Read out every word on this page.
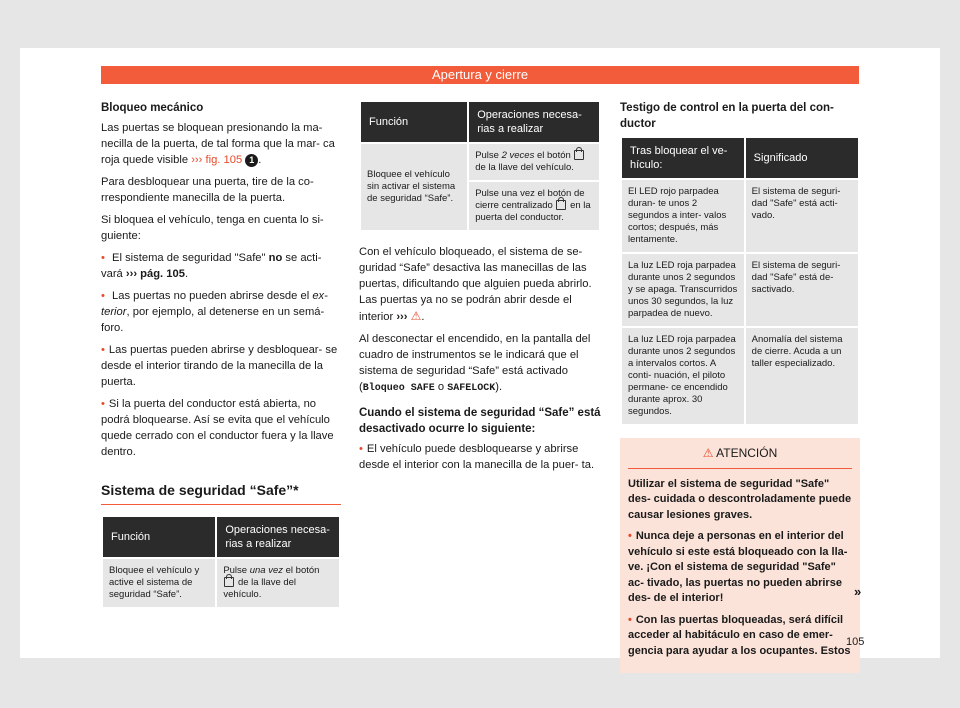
Apertura y cierre
Bloqueo mecánico

Las puertas se bloquean presionando la ma- necilla de la puerta, de tal forma que la mar- ca roja quede visible ››› fig. 105 1 .

Para desbloquear una puerta, tire de la co- rrespondiente manecilla de la puerta.

Si bloquea el vehículo, tenga en cuenta lo si- guiente:

• El sistema de seguridad "Safe" no se acti- vará ››› pág. 105.

• Las puertas no pueden abrirse desde el ex- terior, por ejemplo, al detenerse en un semá- foro.

• Las puertas pueden abrirse y desbloquear- se desde el interior tirando de la manecilla de la puerta.

• Si la puerta del conductor está abierta, no podrá bloquearse. Así se evita que el vehículo quede cerrado con el conductor fuera y la llave dentro.

Sistema de seguridad “Safe”*
Función	Operaciones necesa- rias a realizar
Bloquee el vehículo y active el sistema de seguridad “Safe”.	Pulse una vez el botón  de la llave del vehículo.
Función	Operaciones necesa- rias a realizar
Bloquee el vehículo sin activar el sistema de seguridad “Safe”.	Pulse 2 veces el botón  de la llave del vehículo.
	Pulse una vez el botón de cierre centralizado en la puerta del conductor.

Con el vehículo bloqueado, el sistema de se- guridad “Safe” desactiva las manecillas de las puertas, dificultando que alguien pueda abrirlo. Las puertas ya no se podrán abrir desde el interior ››› ⚠.

Al desconectar el encendido, en la pantalla del cuadro de instrumentos se le indicará que el sistema de seguridad “Safe” está activado (Bloqueo SAFE o SAFELOCK).

Cuando el sistema de seguridad “Safe” está desactivado ocurre lo siguiente:

• El vehículo puede desbloquearse y abrirse desde el interior con la manecilla de la puer- ta.

Testigo de control en la puerta del con- ductor
Tras bloquear el ve- hículo:	Significado
El LED rojo parpadea duran- te unos 2 segundos a inter- valos cortos; después, más lentamente.	El sistema de seguri- dad "Safe" está acti- vado.
La luz LED roja parpadea durante unos 2 segundos y se apaga. Transcurridos unos 30 segundos, la luz parpadea de nuevo.	El sistema de seguri- dad "Safe" está de- sactivado.
La luz LED roja parpadea durante unos 2 segundos a intervalos cortos. A conti- nuación, el piloto permane- ce encendido durante aprox. 30 segundos.	Anomalía del sistema de cierre. Acuda a un taller especializado.
⚠ ATENCIÓN

Utilizar el sistema de seguridad "Safe" des- cuidada o descontroladamente puede causar lesiones graves.

• Nunca deje a personas en el interior del vehículo si este está bloqueado con la lla- ve. ¡Con el sistema de seguridad "Safe" ac- tivado, las puertas no pueden abrirse des- de el interior!

• Con las puertas bloqueadas, será difícil acceder al habitáculo en caso de emer- gencia para ayudar a los ocupantes. Estos

»
105
